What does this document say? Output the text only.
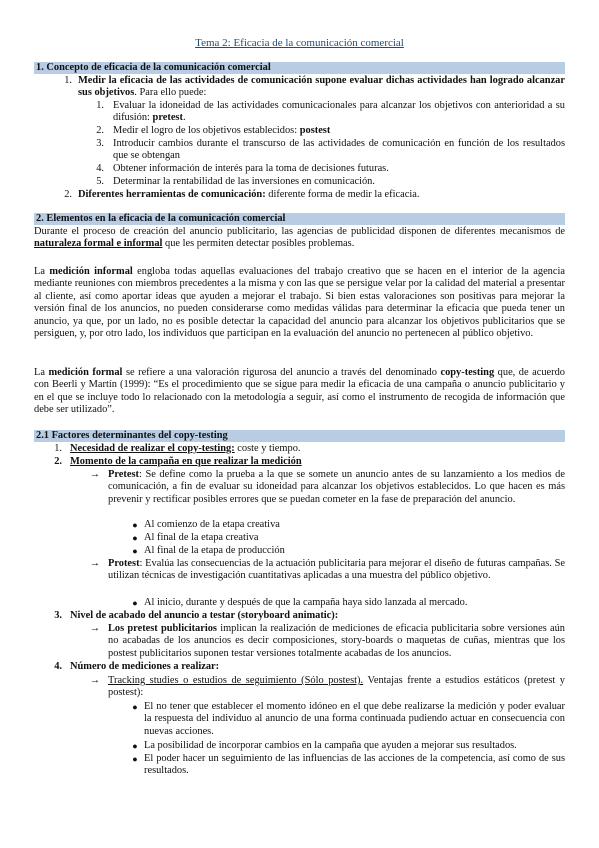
Tema 2: Eficacia de la comunicación comercial
1. Concepto de eficacia de la comunicación comercial
1. Medir la eficacia de las actividades de comunicación supone evaluar dichas actividades han logrado alcanzar sus objetivos. Para ello puede:
1. Evaluar la idoneidad de las actividades comunicacionales para alcanzar los objetivos con anterioridad a su difusión: pretest.
2. Medir el logro de los objetivos establecidos: postest
3. Introducir cambios durante el transcurso de las actividades de comunicación en función de los resultados que se obtengan
4. Obtener información de interés para la toma de decisiones futuras.
5. Determinar la rentabilidad de las inversiones en comunicación.
2. Diferentes herramientas de comunicación: diferente forma de medir la eficacia.
2. Elementos en la eficacia de la comunicación comercial
Durante el proceso de creación del anuncio publicitario, las agencias de publicidad disponen de diferentes mecanismos de naturaleza formal e informal que les permiten detectar posibles problemas.
La medición informal engloba todas aquellas evaluaciones del trabajo creativo que se hacen en el interior de la agencia mediante reuniones con miembros precedentes a la misma y con las que se persigue velar por la calidad del material a presentar al cliente, así como aportar ideas que ayuden a mejorar el trabajo. Si bien estas valoraciones son positivas para mejorar la versión final de los anuncios, no pueden considerarse como medidas válidas para determinar la eficacia que pueda tener un anuncio, ya que, por un lado, no es posible detectar la capacidad del anuncio para alcanzar los objetivos publicitarios que se persiguen, y, por otro lado, los individuos que participan en la evaluación del anuncio no pertenecen al público objetivo.
La medición formal se refiere a una valoración rigurosa del anuncio a través del denominado copy-testing que, de acuerdo con Beerli y Martín (1999): “Es el procedimiento que se sigue para medir la eficacia de una campaña o anuncio publicitario y en el que se incluye todo lo relacionado con la metodología a seguir, así como el instrumento de recogida de información que debe ser utilizado”.
2.1 Factores determinantes del copy-testing
1. Necesidad de realizar el copy-testing: coste y tiempo.
2. Momento de la campaña en que realizar la medición
→ Pretest: Se define como la prueba a la que se somete un anuncio antes de su lanzamiento a los medios de comunicación, a fin de evaluar su idoneidad para alcanzar los objetivos establecidos. Lo que hacen es más prevenir y rectificar posibles errores que se puedan cometer en la fase de preparación del anuncio.
● Al comienzo de la etapa creativa
● Al final de la etapa creativa
● Al final de la etapa de producción
→ Protest: Evalúa las consecuencias de la actuación publicitaria para mejorar el diseño de futuras campañas. Se utilizan técnicas de investigación cuantitativas aplicadas a una muestra del público objetivo.
● Al inicio, durante y después de que la campaña haya sido lanzada al mercado.
3. Nivel de acabado del anuncio a testar (storyboard animatic):
→ Los pretest publicitarios implican la realización de mediciones de eficacia publicitaria sobre versiones aún no acabadas de los anuncios es decir composiciones, story-boards o maquetas de cuñas, mientras que los postest publicitarios suponen testar versiones totalmente acabadas de los anuncios.
4. Número de mediciones a realizar:
→ Tracking studies o estudios de seguimiento (Sólo postest). Ventajas frente a estudios estáticos (pretest y postest):
● El no tener que establecer el momento idóneo en el que debe realizarse la medición y poder evaluar la respuesta del individuo al anuncio de una forma continuada pudiendo actuar en consecuencia con nuevas acciones.
● La posibilidad de incorporar cambios en la campaña que ayuden a mejorar sus resultados.
● El poder hacer un seguimiento de las influencias de las acciones de la competencia, así como de sus resultados.
